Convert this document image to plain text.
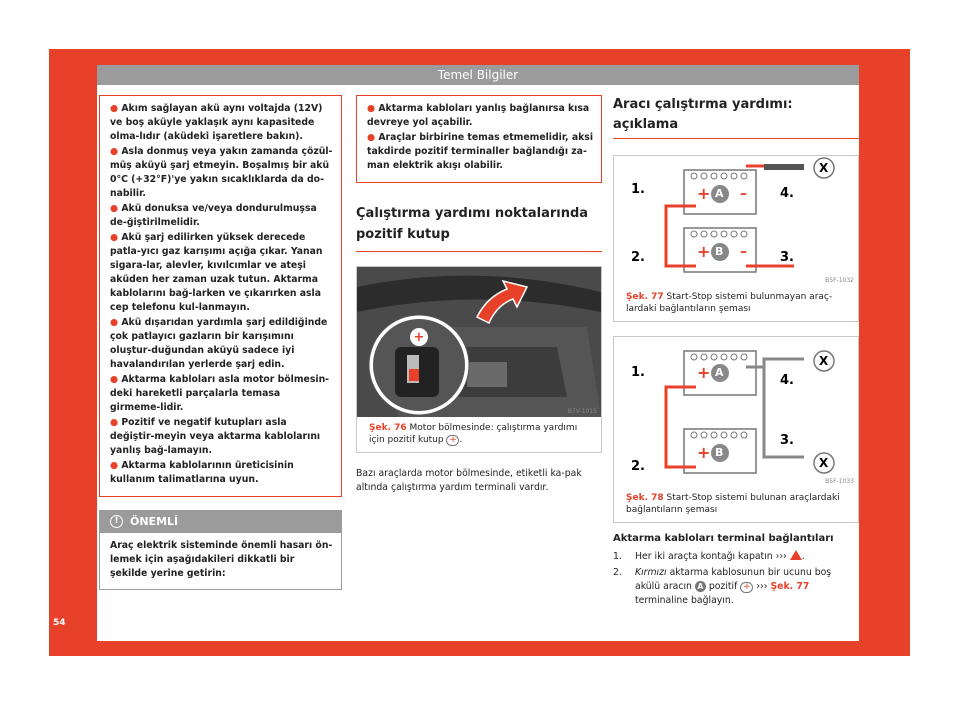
Temel Bilgiler
54

● Akım sağlayan akü aynı voltajda (12V) ve boş aküyle yaklaşık aynı kapasitede olma-lıdır (aküdeki işaretlere bakın).

● Asla donmuş veya yakın zamanda çözül-müş aküyü şarj etmeyin. Boşalmış bir akü 0°C (+32°F)'ye yakın sıcaklıklarda da do-nabilir.

● Akü donuksa ve/veya dondurulmuşsa de-ğiştirilmelidir.

● Akü şarj edilirken yüksek derecede patla-yıcı gaz karışımı açığa çıkar. Yanan sigara-lar, alevler, kıvılcımlar ve ateşi aküden her zaman uzak tutun. Aktarma kablolarını bağ-larken ve çıkarırken asla cep telefonu kul-lanmayın.

● Akü dışarıdan yardımla şarj edildiğinde çok patlayıcı gazların bir karışımını oluştur-duğundan aküyü sadece iyi havalandırılan yerlerde şarj edin.

● Aktarma kabloları asla motor bölmesin-deki hareketli parçalarla temasa girmeme-lidir.

● Pozitif ve negatif kutupları asla değiştir-meyin veya aktarma kablolarını yanlış bağ-lamayın.

● Aktarma kablolarının üreticisinin kullanım talimatlarına uyun.

!	ÖNEMLİ
Araç elektrik sisteminde önemli hasarı ön-lemek için aşağıdakileri dikkatli bir şekilde yerine getirin:

● Aktarma kabloları yanlış bağlanırsa kısa devreye yol açabilir.

● Araçlar birbirine temas etmemelidir, aksi takdirde pozitif terminaller bağlandığı za-man elektrik akışı olabilir.

Çalıştırma yardımı noktalarında pozitif kutup
+
B7V-1015
Şek. 76 Motor bölmesinde: çalıştırma yardımı için pozitif kutup + .
Bazı araçlarda motor bölmesinde, etiketli ka-pak altında çalıştırma yardım terminali vardır.
Aracı çalıştırma yardımı: açıklama
+
+
–
–
1.
2.	3.
4.
A
B
X
B5F-1032
Şek. 77 Start-Stop sistemi bulunmayan araç-lardaki bağlantıların şeması
+
+
1.
2.
3.
4.
A
B
X
X
B5F-1033
Şek. 78 Start-Stop sistemi bulunan araçlardaki bağlantıların şeması
Aktarma kabloları terminal bağlantıları
1.	Her iki araçta kontağı kapatın ››› .
2.	Kırmızı aktarma kablosunun bir ucunu boş akülü aracın A pozitif + ››› Şek. 77 terminaline bağlayın.
